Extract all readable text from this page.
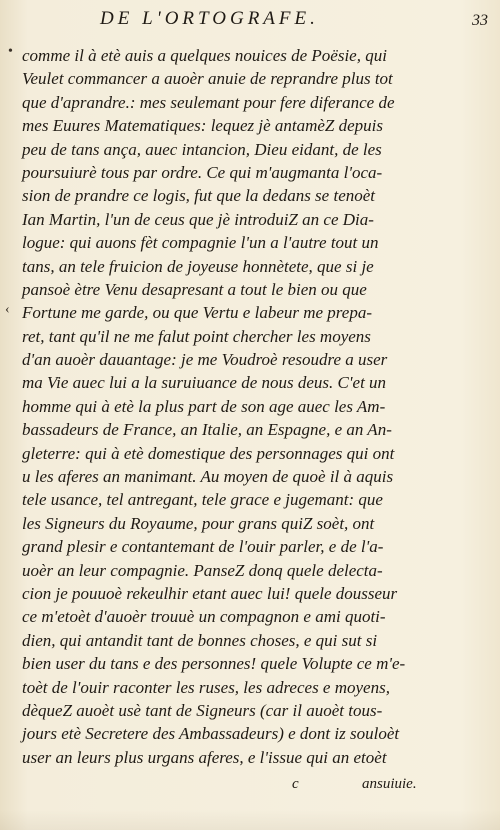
DE L'ORTOGRAFE.	33
•
‹
comme il à etè auis a quelques nouices de Poësie, qui
Veulet commancer a auoèr anuie de reprandre plus tot
que d'aprandre.: mes seulemant pour fere diferance de
mes Euures Matematiques: lequez jè antamèZ depuis
peu de tans ança, auec intancion, Dieu eidant, de les
poursuiurè tous par ordre. Ce qui m'augmanta l'oca-
sion de prandre ce logis, fut que la dedans se tenoèt
Ian Martin, l'un de ceus que jè introduiZ an ce Dia-
logue: qui auons fèt compagnie l'un a l'autre tout un
tans, an tele fruicion de joyeuse honnètete, que si je
pansoè ètre Venu desapresant a tout le bien ou que
Fortune me garde, ou que Vertu e labeur me prepa-
ret, tant qu'il ne me falut point chercher les moyens
d'an auoèr dauantage: je me Voudroè resoudre a user
ma Vie auec lui a la suruiuance de nous deus. C'et un
homme qui à etè la plus part de son age auec les Am-
bassadeurs de France, an Italie, an Espagne, e an An-
gleterre: qui à etè domestique des personnages qui ont
u les aferes an manimant. Au moyen de quoè il à aquis
tele usance, tel antregant, tele grace e jugemant: que
les Signeurs du Royaume, pour grans quiZ soèt, ont
grand plesir e contantemant de l'ouir parler, e de l'a-
uoèr an leur compagnie. PanseZ donq quele delecta-
cion je pouuoè rekeulhir etant auec lui! quele dousseur
ce m'etoèt d'auoèr trouuè un compagnon e ami quoti-
dien, qui antandit tant de bonnes choses, e qui sut si
bien user du tans e des personnes! quele Volupte ce m'e-
toèt de l'ouir raconter les ruses, les adreces e moyens,
dèqueZ auoèt usè tant de Signeurs (car il auoèt tous-
jours etè Secretere des Ambassadeurs) e dont iz souloèt
user an leurs plus urgans aferes, e l'issue qui an etoèt
c	ansuiuie.
